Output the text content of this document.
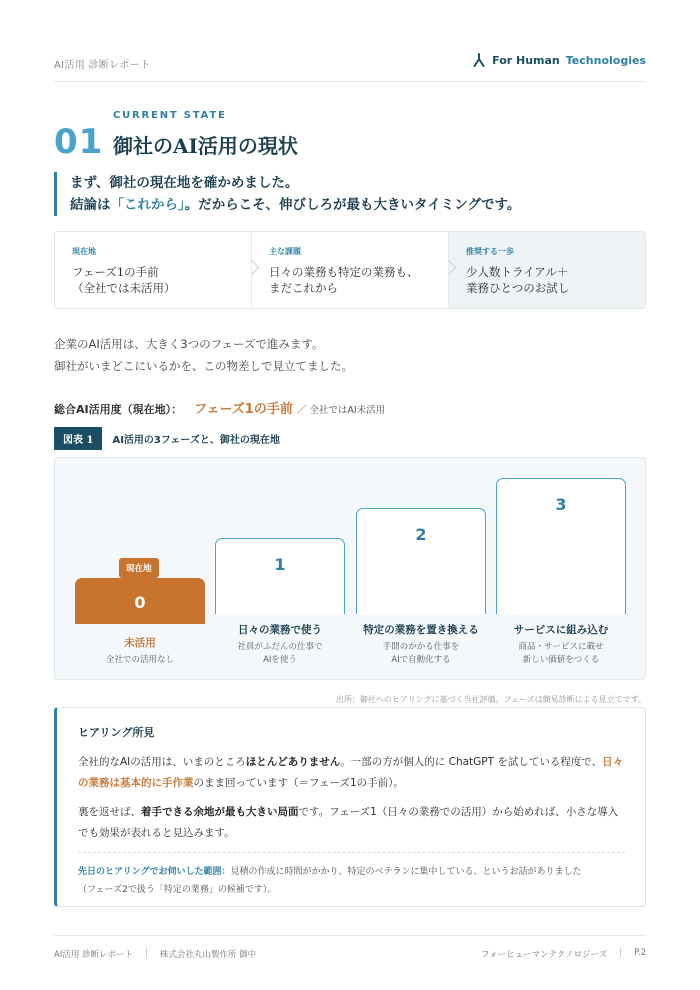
AI活用 診断レポート	For Human Technologies
CURRENT STATE
01 御社のAI活用の現状

まず、御社の現在地を確かめました。

結論は「これから」。だからこそ、伸びしろが最も大きいタイミングです。

現在地
フェーズ1の手前
（全社では未活用）
主な課題
日々の業務も特定の業務も、
まだこれから
推奨する一歩
少人数トライアル＋
業務ひとつのお試し
企業のAI活用は、大きく3つのフェーズで進みます。
御社がいまどこにいるかを、この物差しで見立てました。
総合AI活用度（現在地）： フェーズ1の手前 ／ 全社ではAI未活用
図表 1	AI活用の3フェーズと、御社の現在地
0
現在地	1
2
3
未活用
全社での活用なし
日々の業務で使う
社員がふだんの仕事で
AIを使う
特定の業務を置き換える
手間のかかる仕事を
AIで自動化する
サービスに組み込む
商品・サービスに載せ
新しい価値をつくる
出所：御社へのヒアリングに基づく当社評価。フェーズは簡易診断による見立てです。
ヒアリング所見

全社的なAIの活用は、いまのところほとんどありません。一部の方が個人的に ChatGPT を試している程度で、日々の業務は基本的に手作業のまま回っています（＝フェーズ1の手前）。

裏を返せば、着手できる余地が最も大きい局面です。フェーズ1（日々の業務での活用）から始めれば、小さな導入でも効果が表れると見込みます。

先日のヒアリングでお伺いした範囲：見積の作成に時間がかかり、特定のベテランに集中している、というお話がありました
（フェーズ2で扱う「特定の業務」の候補です）。

AI活用 診断レポート | 株式会社丸山製作所 御中	フォーヒューマンテクノロジーズ | P.2
